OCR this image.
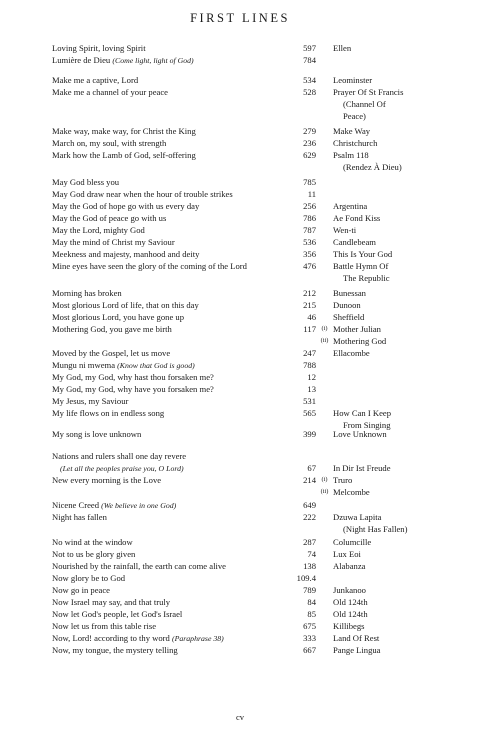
FIRST LINES
Loving Spirit, loving Spirit	597 Ellen
Lumière de Dieu (Come light, light of God)	784
Make me a captive, Lord	534 Leominster
Make me a channel of your peace	528 Prayer Of St Francis
(Channel Of
Peace)
Make way, make way, for Christ the King	279 Make Way
March on, my soul, with strength	236 Christchurch
Mark how the Lamb of God, self-offering	629 Psalm 118
(Rendez À Dieu)
May God bless you	785
May God draw near when the hour of trouble strikes	11
May the God of hope go with us every day	256 Argentina
May the God of peace go with us	786 Ae Fond Kiss
May the Lord, mighty God	787 Wen-ti
May the mind of Christ my Saviour	536 Candlebeam
Meekness and majesty, manhood and deity	356 This Is Your God
Mine eyes have seen the glory of the coming of the Lord	476 Battle Hymn Of
The Republic
Morning has broken	212 Bunessan
Most glorious Lord of life, that on this day	215 Dunoon
Most glorious Lord, you have gone up	46 Sheffield
Mothering God, you gave me birth	117 (i) Mother Julian
(ii) Mothering God
Moved by the Gospel, let us move	247 Ellacombe
Mungu ni mwema (Know that God is good)	788
My God, my God, why hast thou forsaken me?	12
My God, my God, why have you forsaken me?	13
My Jesus, my Saviour	531
My life flows on in endless song	565 How Can I Keep
From Singing
My song is love unknown	399 Love Unknown
Nations and rulers shall one day revere
(Let all the peoples praise you, O Lord)	67 In Dir Ist Freude
New every morning is the Love	214 (i) Truro
(ii) Melcombe
Nicene Creed (We believe in one God)	649
Night has fallen	222 Dzuwa Lapita
(Night Has Fallen)
No wind at the window	287 Columcille
Not to us be glory given	74 Lux Eoi
Nourished by the rainfall, the earth can come alive	138 Alabanza
Now glory be to God	109.4
Now go in peace	789 Junkanoo
Now Israel may say, and that truly	84 Old 124th
Now let God's people, let God's Israel	85 Old 124th
Now let us from this table rise	675 Killibegs
Now, Lord! according to thy word (Paraphrase 38)	333 Land Of Rest
Now, my tongue, the mystery telling	667 Pange Lingua
cv
